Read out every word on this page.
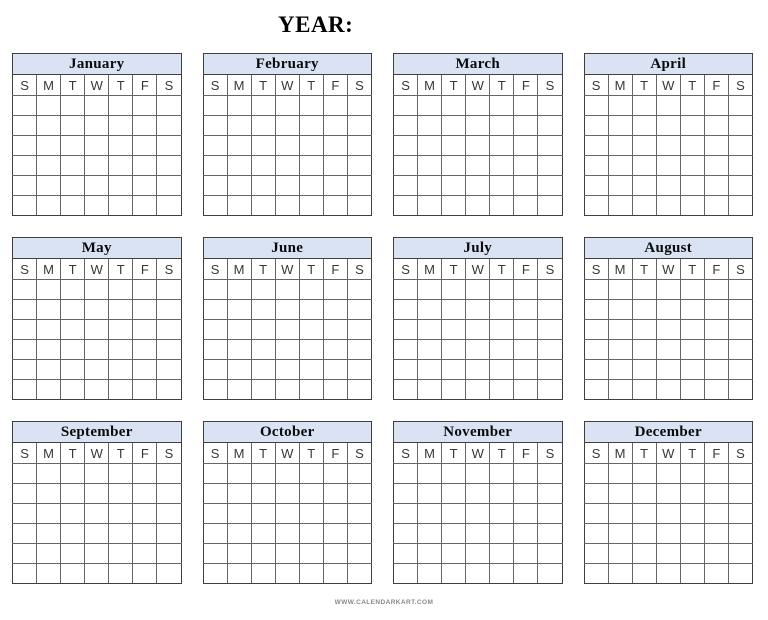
YEAR:
January						
S	M	T	W	T	F	S

February						
S	M	T	W	T	F	S

March						
S	M	T	W	T	F	S

April						
S	M	T	W	T	F	S

May						
S	M	T	W	T	F	S

June						
S	M	T	W	T	F	S

July						
S	M	T	W	T	F	S

August						
S	M	T	W	T	F	S

September						
S	M	T	W	T	F	S

October						
S	M	T	W	T	F	S

November						
S	M	T	W	T	F	S

December						
S	M	T	W	T	F	S

WWW.CALENDARKART.COM
